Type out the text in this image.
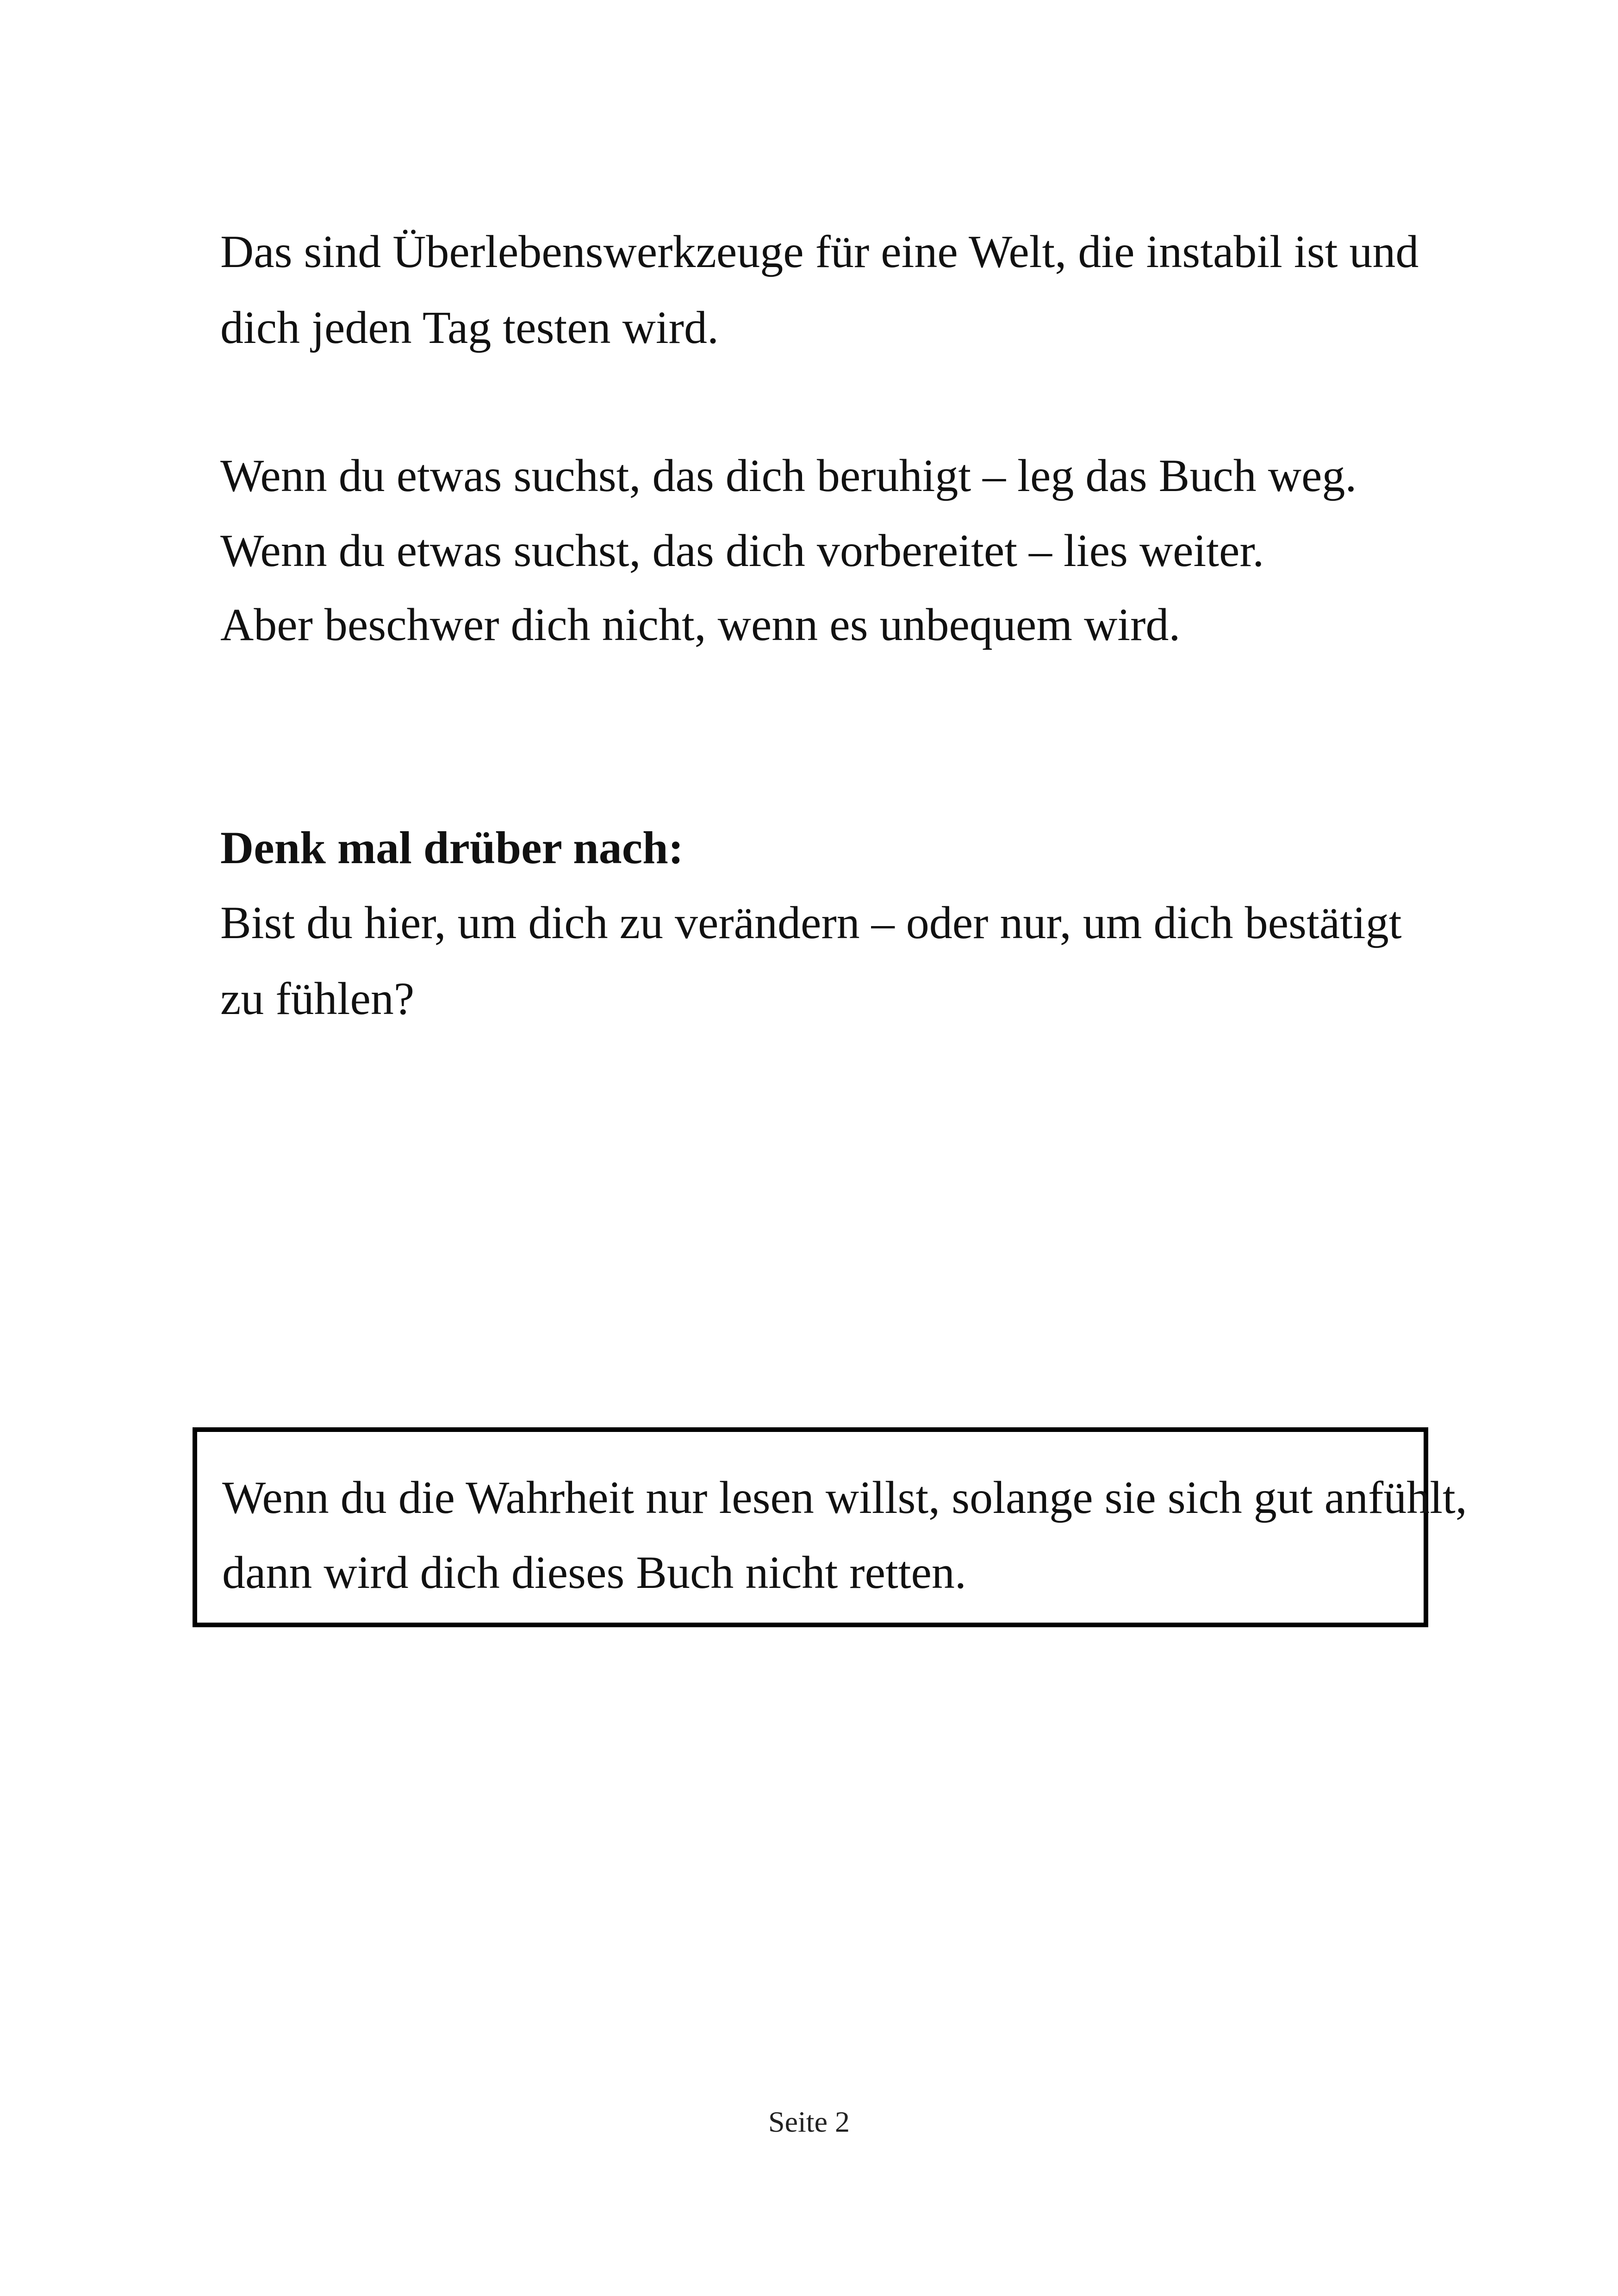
Das sind Überlebenswerkzeuge für eine Welt, die instabil ist und

dich jeden Tag testen wird.

Wenn du etwas suchst, das dich beruhigt – leg das Buch weg.

Wenn du etwas suchst, das dich vorbereitet – lies weiter.

Aber beschwer dich nicht, wenn es unbequem wird.

Denk mal drüber nach:

Bist du hier, um dich zu verändern – oder nur, um dich bestätigt

zu fühlen?

Wenn du die Wahrheit nur lesen willst, solange sie sich gut anfühlt,

dann wird dich dieses Buch nicht retten.

Seite 2
